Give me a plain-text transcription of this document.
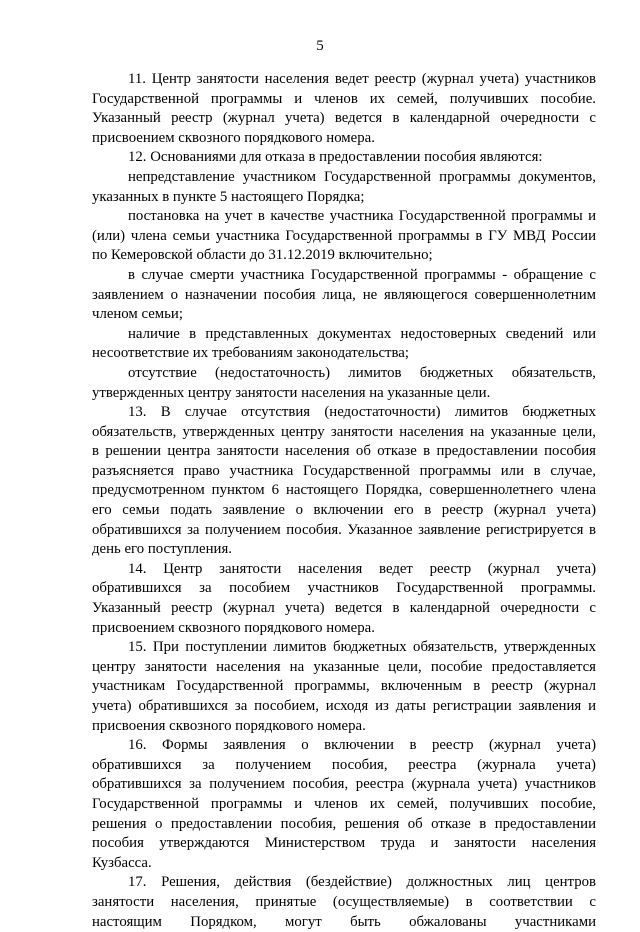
5
11. Центр занятости населения ведет реестр (журнал учета) участников
Государственной программы и членов их семей, получивших пособие.
Указанный реестр (журнал учета) ведется в календарной очередности с
присвоением сквозного порядкового номера.
12. Основаниями для отказа в предоставлении пособия являются:
непредставление участником Государственной программы документов,
указанных в пункте 5 настоящего Порядка;
постановка на учет в качестве участника Государственной программы и
(или) члена семьи участника Государственной программы в ГУ МВД России
по Кемеровской области до 31.12.2019 включительно;
в случае смерти участника Государственной программы - обращение с
заявлением о назначении пособия лица, не являющегося совершеннолетним
членом семьи;
наличие в представленных документах недостоверных сведений или
несоответствие их требованиям законодательства;
отсутствие (недостаточность) лимитов бюджетных обязательств,
утвержденных центру занятости населения на указанные цели.
13. В случае отсутствия (недостаточности) лимитов бюджетных
обязательств, утвержденных центру занятости населения на указанные цели,
в решении центра занятости населения об отказе в предоставлении пособия
разъясняется право участника Государственной программы или в случае,
предусмотренном пунктом 6 настоящего Порядка, совершеннолетнего члена
его семьи подать заявление о включении его в реестр (журнал учета)
обратившихся за получением пособия. Указанное заявление регистрируется в
день его поступления.
14. Центр занятости населения ведет реестр (журнал учета)
обратившихся за пособием участников Государственной программы.
Указанный реестр (журнал учета) ведется в календарной очередности с
присвоением сквозного порядкового номера.
15. При поступлении лимитов бюджетных обязательств, утвержденных
центру занятости населения на указанные цели, пособие предоставляется
участникам Государственной программы, включенным в реестр (журнал
учета) обратившихся за пособием, исходя из даты регистрации заявления и
присвоения сквозного порядкового номера.
16. Формы заявления о включении в реестр (журнал учета)
обратившихся за получением пособия, реестра (журнала учета)
обратившихся за получением пособия, реестра (журнала учета) участников
Государственной программы и членов их семей, получивших пособие,
решения о предоставлении пособия, решения об отказе в предоставлении
пособия утверждаются Министерством труда и занятости населения
Кузбасса.
17. Решения, действия (бездействие) должностных лиц центров
занятости населения, принятые (осуществляемые) в соответствии с
настоящим Порядком, могут быть обжалованы участниками
